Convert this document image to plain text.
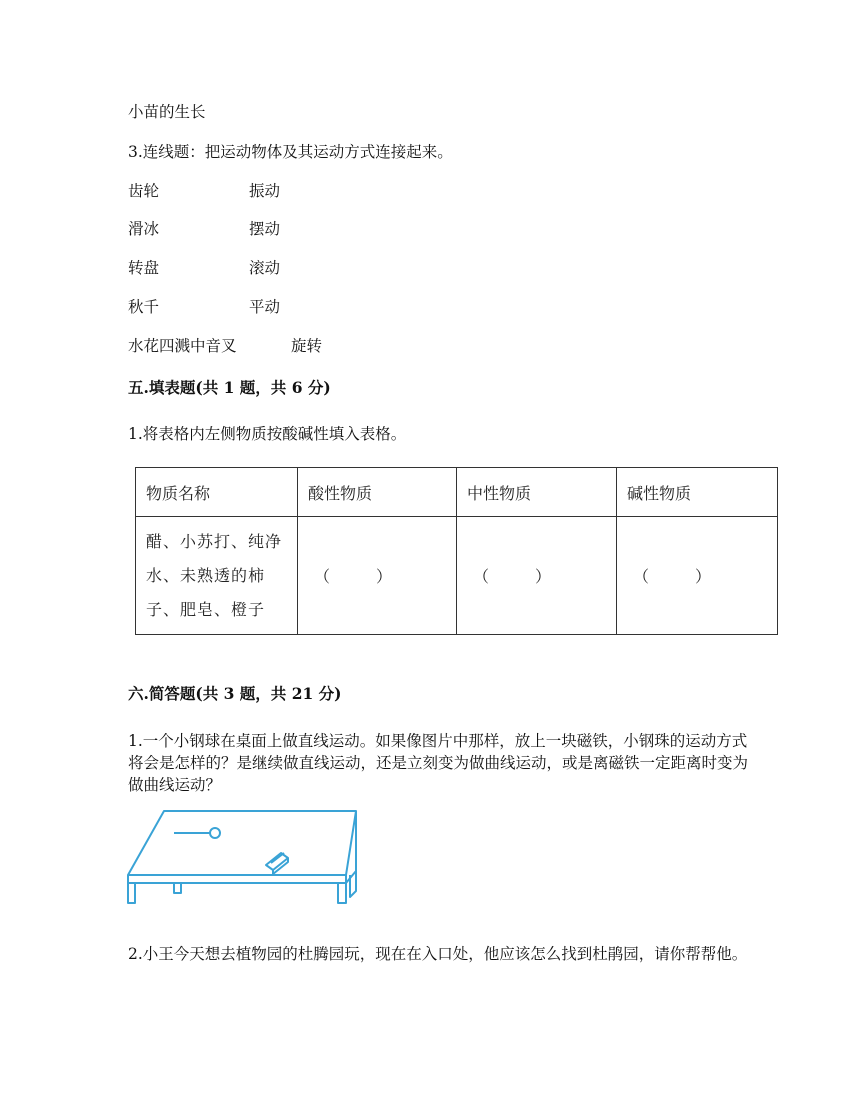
小苗的生长
3.连线题：把运动物体及其运动方式连接起来。
齿轮	振动
滑冰	摆动
转盘	滚动
秋千	平动
水花四溅中音叉	旋转
五.填表题(共 1 题，共 6 分)
1.将表格内左侧物质按酸碱性填入表格。
物质名称	酸性物质	中性物质	碱性物质
醋、小苏打、纯净水、未熟透的柿子、肥皂、橙子	（ ）	（ ）	（ ）
六.简答题(共 3 题，共 21 分)
1.一个小钢球在桌面上做直线运动。如果像图片中那样，放上一块磁铁，小钢珠的运动方式将会是怎样的？是继续做直线运动，还是立刻变为做曲线运动，或是离磁铁一定距离时变为做曲线运动？
2.小王今天想去植物园的杜腾园玩，现在在入口处，他应该怎么找到杜鹃园，请你帮帮他。
